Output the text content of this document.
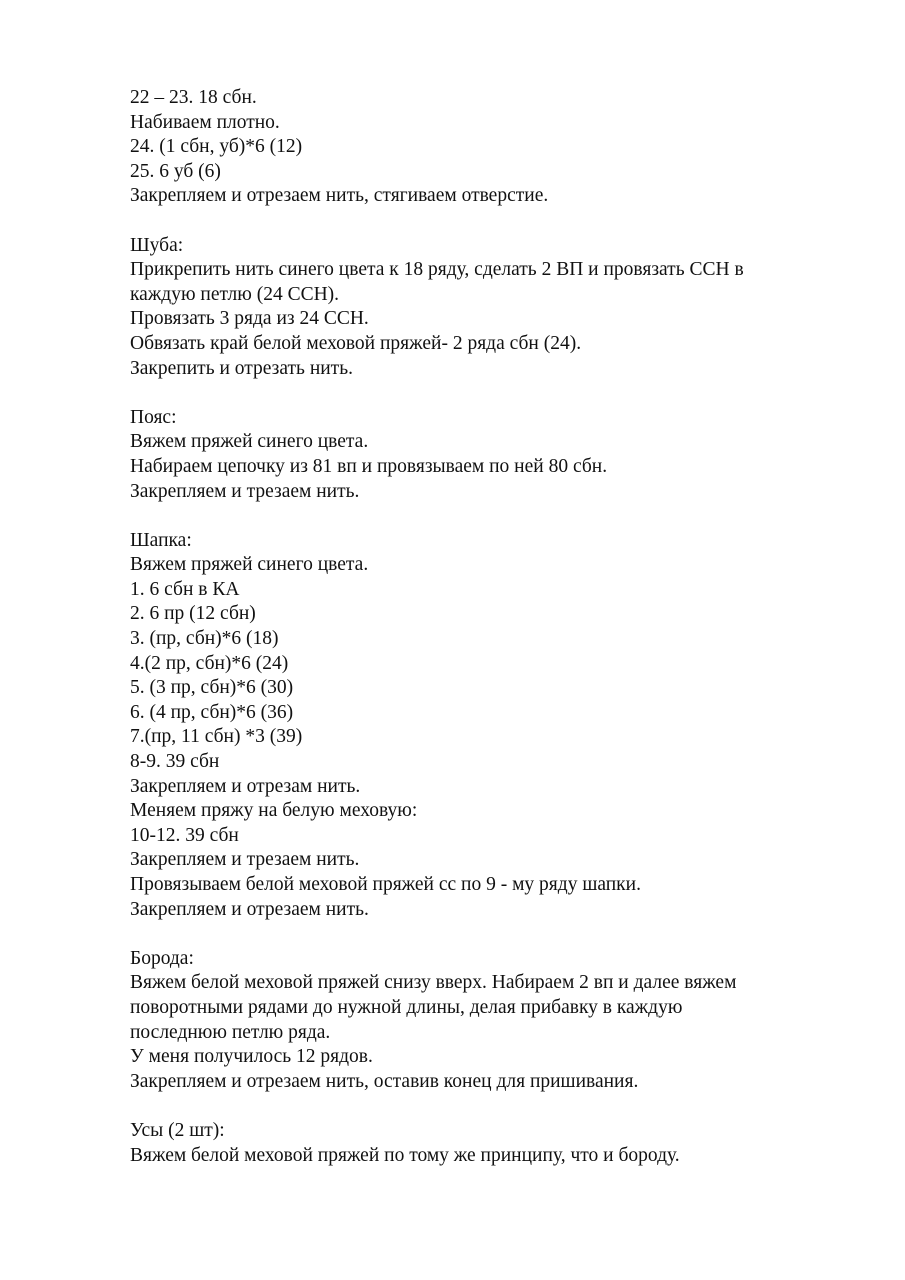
22 – 23. 18 сбн.
Набиваем плотно.
24. (1 сбн, уб)*6 (12)
25. 6 уб (6)
Закрепляем и отрезаем нить, стягиваем отверстие.
Шуба:
Прикрепить нить синего цвета к 18 ряду, сделать 2 ВП и провязать ССН в
каждую петлю (24 ССН).
Провязать 3 ряда из 24 ССН.
Обвязать край белой меховой пряжей- 2 ряда сбн (24).
Закрепить и отрезать нить.
Пояс:
Вяжем пряжей синего цвета.
Набираем цепочку из 81 вп и провязываем по ней 80 сбн.
Закрепляем и трезаем нить.
Шапка:
Вяжем пряжей синего цвета.
1. 6 сбн в КА
2. 6 пр (12 сбн)
3. (пр, сбн)*6 (18)
4.(2 пр, сбн)*6 (24)
5. (3 пр, сбн)*6 (30)
6. (4 пр, сбн)*6 (36)
7.(пр, 11 сбн) *3 (39)
8-9. 39 сбн
Закрепляем и отрезам нить.
Меняем пряжу на белую меховую:
10-12. 39 сбн
Закрепляем и трезаем нить.
Провязываем белой меховой пряжей сс по 9 - му ряду шапки.
Закрепляем и отрезаем нить.
Борода:
Вяжем белой меховой пряжей снизу вверх. Набираем 2 вп и далее вяжем
поворотными рядами до нужной длины, делая прибавку в каждую
последнюю петлю ряда.
У меня получилось 12 рядов.
Закрепляем и отрезаем нить, оставив конец для пришивания.
Усы (2 шт):
Вяжем белой меховой пряжей по тому же принципу, что и бороду.
